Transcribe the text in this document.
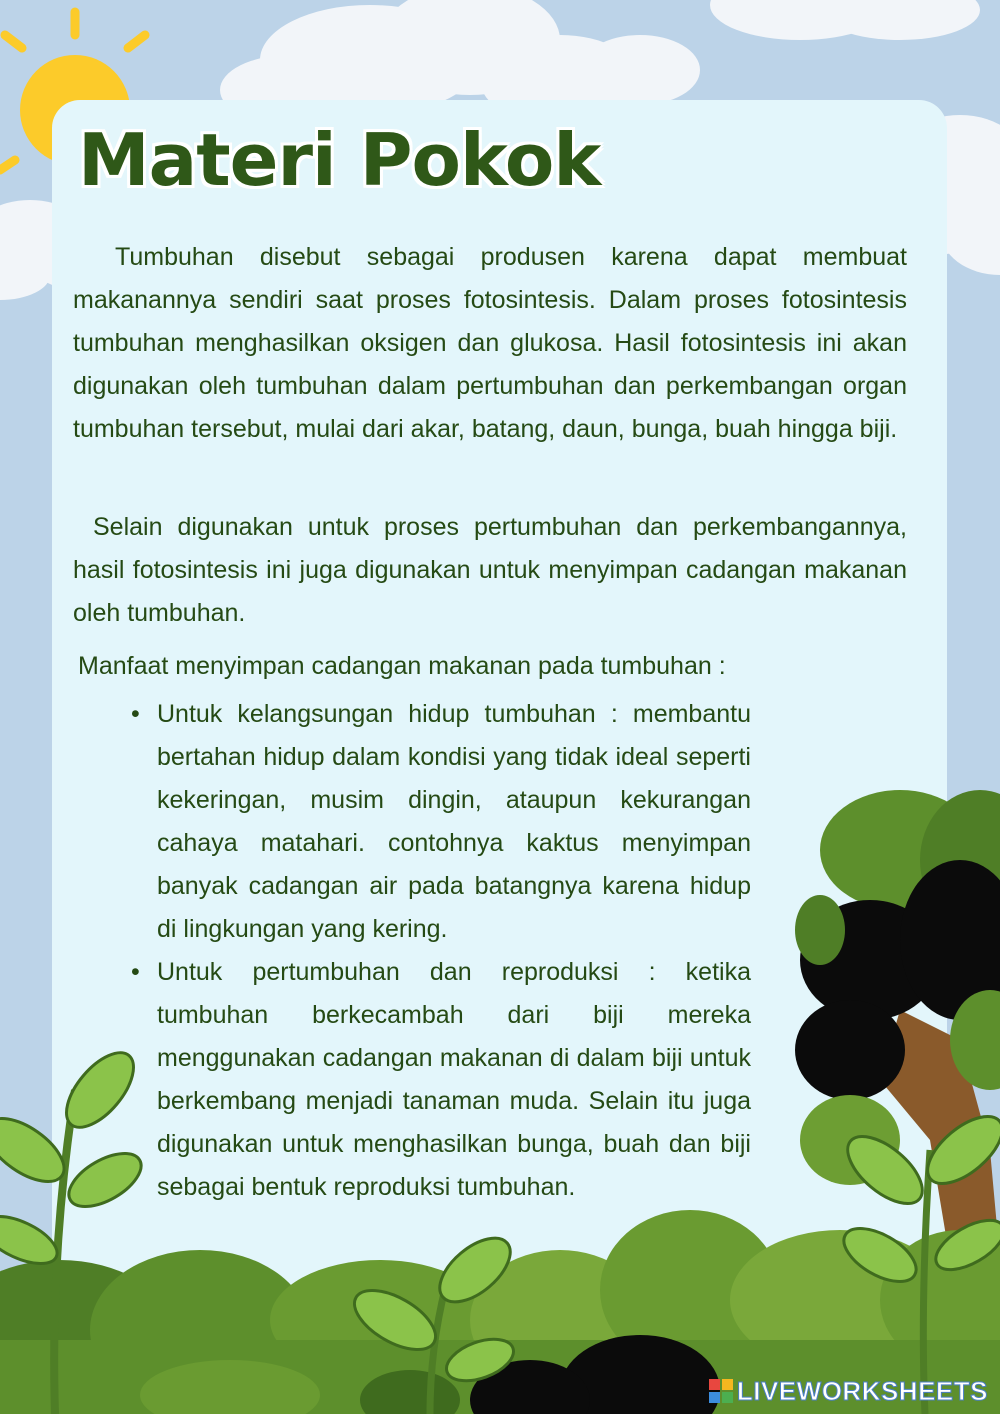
Materi Pokok

Tumbuhan disebut sebagai produsen karena dapat membuat makanannya sendiri saat proses fotosintesis. Dalam proses fotosintesis tumbuhan menghasilkan oksigen dan glukosa. Hasil fotosintesis ini akan digunakan oleh tumbuhan dalam pertumbuhan dan perkembangan organ tumbuhan tersebut, mulai dari akar, batang, daun, bunga, buah hingga biji.

Selain digunakan untuk proses pertumbuhan dan perkembangannya, hasil fotosintesis ini juga digunakan untuk menyimpan cadangan makanan oleh tumbuhan.

Manfaat menyimpan cadangan makanan pada tumbuhan :

• Untuk kelangsungan hidup tumbuhan : membantu bertahan hidup dalam kondisi yang tidak ideal seperti kekeringan, musim dingin, ataupun kekurangan cahaya matahari. contohnya kaktus menyimpan banyak cadangan air pada batangnya karena hidup di lingkungan yang kering.
• Untuk pertumbuhan dan reproduksi : ketika tumbuhan berkecambah dari biji mereka menggunakan cadangan makanan di dalam biji untuk berkembang menjadi tanaman muda. Selain itu juga digunakan untuk menghasilkan bunga, buah dan biji sebagai bentuk reproduksi tumbuhan.
LIVEWORKSHEETS
